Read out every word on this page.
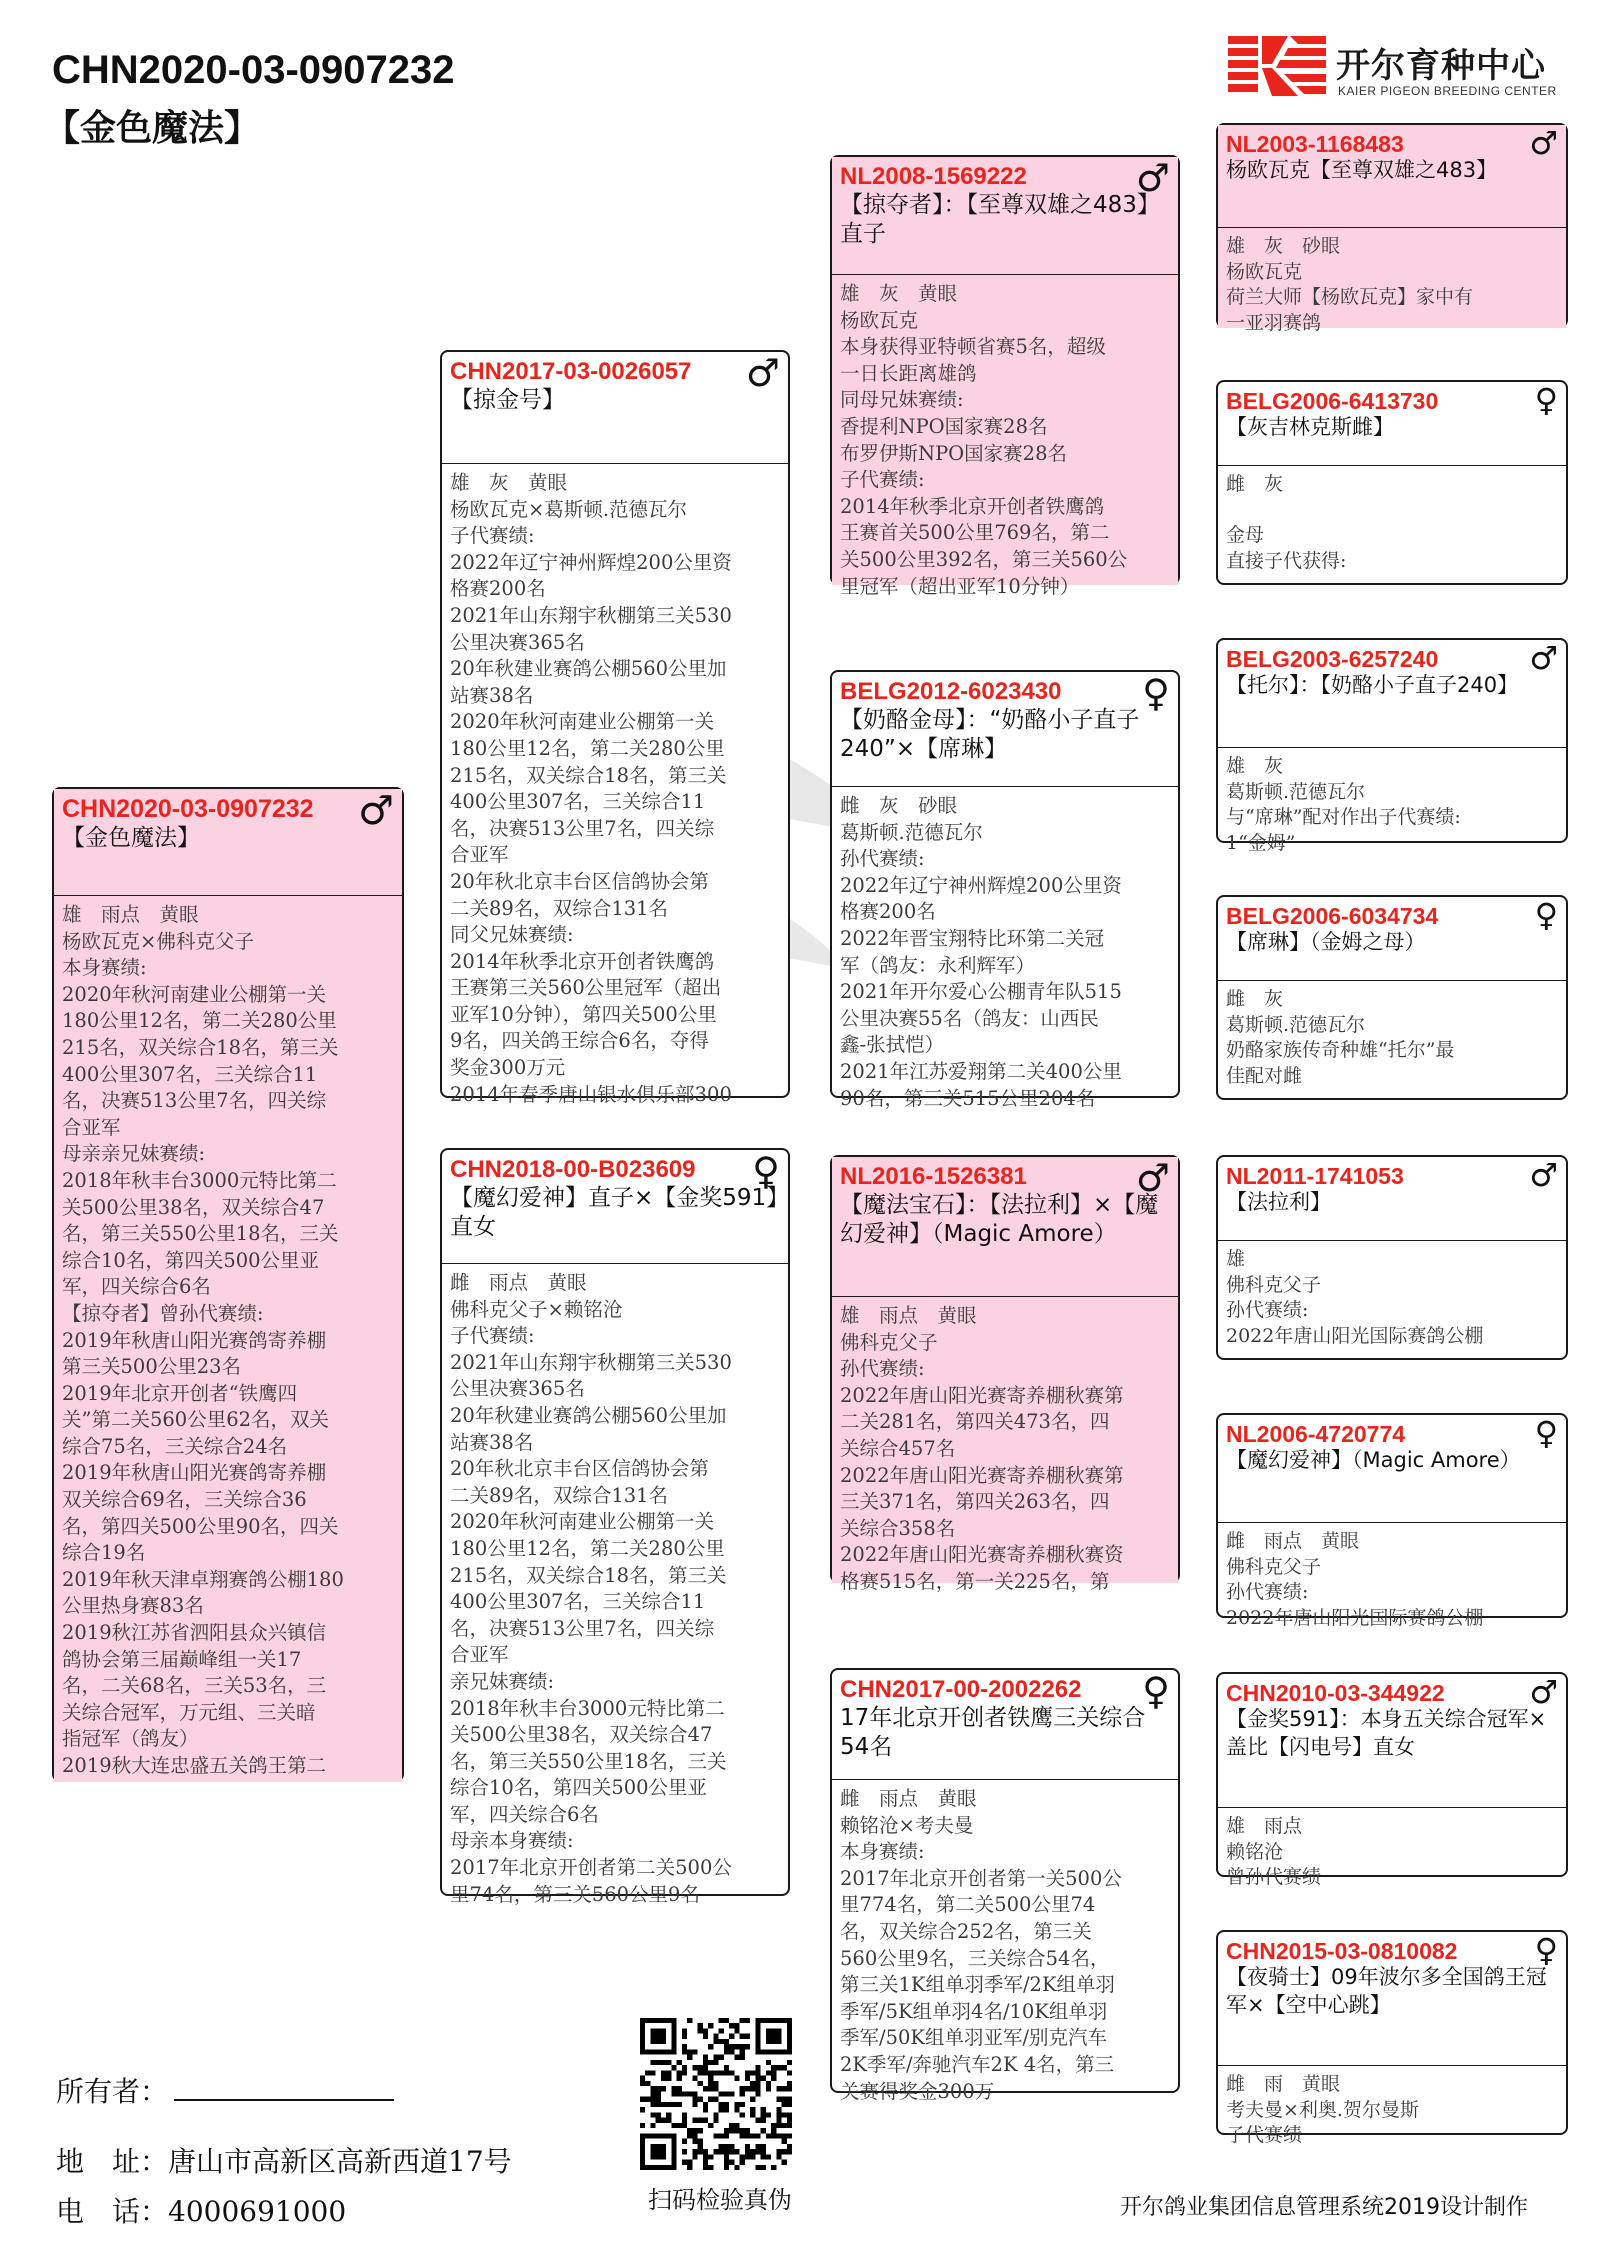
CHN2020-03-0907232
【金色魔法】
开尔育种中心
KAIER PIGEON BREEDING CENTER
CHN2020-03-0907232	♂
【金色魔法】
雄　雨点　黄眼
杨欧瓦克×佛科克父子
本身赛绩:
2020年秋河南建业公棚第一关
180公里12名，第二关280公里
215名，双关综合18名，第三关
400公里307名，三关综合11
名，决赛513公里7名，四关综
合亚军
母亲亲兄妹赛绩:
2018年秋丰台3000元特比第二
关500公里38名，双关综合47
名，第三关550公里18名，三关
综合10名，第四关500公里亚
军，四关综合6名
【掠夺者】曾孙代赛绩:
2019年秋唐山阳光赛鸽寄养棚
第三关500公里23名
2019年北京开创者“铁鹰四
关”第二关560公里62名，双关
综合75名，三关综合24名
2019年秋唐山阳光赛鸽寄养棚
双关综合69名，三关综合36
名，第四关500公里90名，四关
综合19名
2019年秋天津卓翔赛鸽公棚180
公里热身赛83名
2019秋江苏省泗阳县众兴镇信
鸽协会第三届巅峰组一关17
名，二关68名，三关53名，三
关综合冠军，万元组、三关暗
指冠军（鸽友）
2019秋大连忠盛五关鸽王第二
CHN2017-03-0026057	♂
【掠金号】
雄　灰　黄眼
杨欧瓦克×葛斯顿.范德瓦尔
子代赛绩:
2022年辽宁神州辉煌200公里资
格赛200名
2021年山东翔宇秋棚第三关530
公里决赛365名
20年秋建业赛鸽公棚560公里加
站赛38名
2020年秋河南建业公棚第一关
180公里12名，第二关280公里
215名，双关综合18名，第三关
400公里307名，三关综合11
名，决赛513公里7名，四关综
合亚军
20年秋北京丰台区信鸽协会第
二关89名，双综合131名
同父兄妹赛绩:
2014年秋季北京开创者铁鹰鸽
王赛第三关560公里冠军（超出
亚军10分钟），第四关500公里
9名，四关鸽王综合6名，夺得
奖金300万元
2014年春季唐山银水俱乐部300
CHN2018-00-B023609	♀
【魔幻爱神】直子×【金奖591】直女
雌　雨点　黄眼
佛科克父子×赖铭沧
子代赛绩:
2021年山东翔宇秋棚第三关530
公里决赛365名
20年秋建业赛鸽公棚560公里加
站赛38名
20年秋北京丰台区信鸽协会第
二关89名，双综合131名
2020年秋河南建业公棚第一关
180公里12名，第二关280公里
215名，双关综合18名，第三关
400公里307名，三关综合11
名，决赛513公里7名，四关综
合亚军
亲兄妹赛绩:
2018年秋丰台3000元特比第二
关500公里38名，双关综合47
名，第三关550公里18名，三关
综合10名，第四关500公里亚
军，四关综合6名
母亲本身赛绩:
2017年北京开创者第二关500公
里74名，第三关560公里9名
NL2008-1569222	♂
【掠夺者】：【至尊双雄之483】直子
雄　灰　黄眼
杨欧瓦克
本身获得亚特顿省赛5名，超级
一日长距离雄鸽
同母兄妹赛绩:
香提利NPO国家赛28名
布罗伊斯NPO国家赛28名
子代赛绩:
2014年秋季北京开创者铁鹰鸽
王赛首关500公里769名，第二
关500公里392名，第三关560公
里冠军（超出亚军10分钟）
BELG2012-6023430	♀
【奶酪金母】：“奶酪小子直子240”×【席琳】
雌　灰　砂眼
葛斯顿.范德瓦尔
孙代赛绩:
2022年辽宁神州辉煌200公里资
格赛200名
2022年晋宝翔特比环第二关冠
军（鸽友：永利辉军）
2021年开尔爱心公棚青年队515
公里决赛55名（鸽友：山西民
鑫-张拭恺）
2021年江苏爱翔第二关400公里
90名，第三关515公里204名
NL2016-1526381	♂
【魔法宝石】：【法拉利】×【魔幻爱神】（Magic Amore）
雄　雨点　黄眼
佛科克父子
孙代赛绩:
2022年唐山阳光赛寄养棚秋赛第
二关281名，第四关473名，四
关综合457名
2022年唐山阳光赛寄养棚秋赛第
三关371名，第四关263名，四
关综合358名
2022年唐山阳光赛寄养棚秋赛资
格赛515名，第一关225名，第
CHN2017-00-2002262	♀
17年北京开创者铁鹰三关综合54名
雌　雨点　黄眼
赖铭沧×考夫曼
本身赛绩:
2017年北京开创者第一关500公
里774名，第二关500公里74
名，双关综合252名，第三关
560公里9名，三关综合54名，
第三关1K组单羽季军/2K组单羽
季军/5K组单羽4名/10K组单羽
季军/50K组单羽亚军/别克汽车
2K季军/奔驰汽车2K 4名，第三
关赛得奖金300万
NL2003-1168483	♂
杨欧瓦克【至尊双雄之483】
雄　灰　砂眼
杨欧瓦克
荷兰大师【杨欧瓦克】家中有
一亚羽赛鸽
BELG2006-6413730	♀
【灰吉林克斯雌】
雌　灰

金母
直接子代获得:
BELG2003-6257240	♂
【托尔】：【奶酪小子直子240】
雄　灰
葛斯顿.范德瓦尔
与“席琳”配对作出子代赛绩:
1“金姆”
BELG2006-6034734	♀
【席琳】（金姆之母）
雌　灰
葛斯顿.范德瓦尔
奶酪家族传奇种雄“托尔”最
佳配对雌
NL2011-1741053	♂
【法拉利】
雄
佛科克父子
孙代赛绩:
2022年唐山阳光国际赛鸽公棚
NL2006-4720774	♀
【魔幻爱神】（Magic Amore）
雌　雨点　黄眼
佛科克父子
孙代赛绩:
2022年唐山阳光国际赛鸽公棚
CHN2010-03-344922	♂
【金奖591】：本身五关综合冠军×盖比【闪电号】直女
雄　雨点
赖铭沧
曾孙代赛绩
CHN2015-03-0810082	♀
【夜骑士】09年波尔多全国鸽王冠军×【空中心跳】
雌　雨　黄眼
考夫曼×利奥.贺尔曼斯
子代赛绩
所有者：
地　址：唐山市高新区高新西道17号
电　话：4000691000	扫码检验真伪	开尔鸽业集团信息管理系统2019设计制作
